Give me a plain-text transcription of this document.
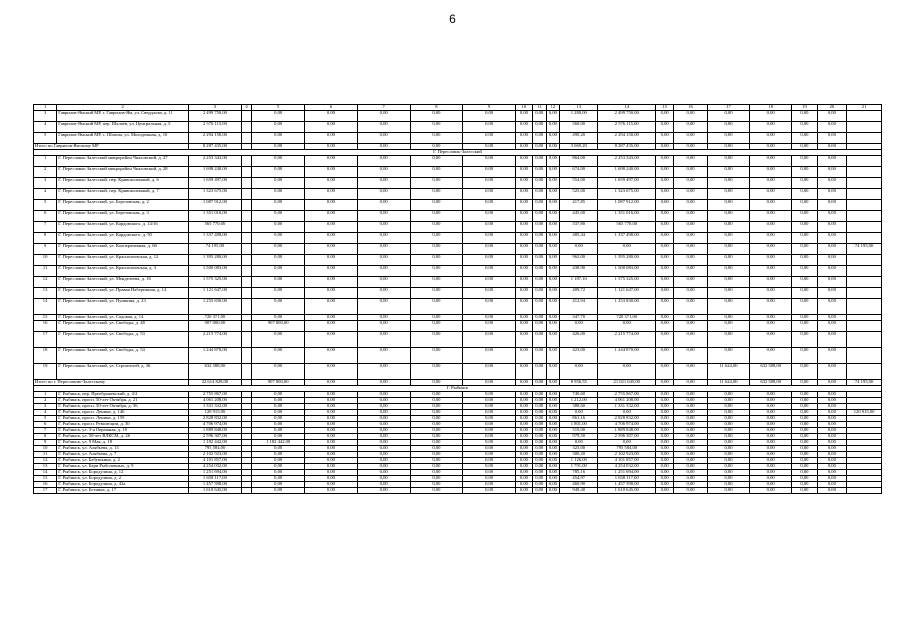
6
1	2	3	4	5	6	7	8	9	10	11	12	13	14	15	16	17	18	19	20	21
3	Гаврилов-Ямский МР, г. Гаврилов-Ям, ул. Свердлова, д. 11	2 499 750,00		0,00	0,00	0,00	0,00	0,00	0,00	0,00	0,00	1 280,00	2 499 750,00	0,00	0,00	0,00	0,00	0,00	0,00	
4	Гаврилов-Ямский МР, пер. Шалаев, ул. Центральная, д. 5	2 576 115,00		0,00	0,00	0,00	0,00	0,00	0,00	0,00	0,00	560,00	2 576 115,00	0,00	0,00	0,00	0,00	0,00	0,00	
5	Гаврилов-Ямский МР, с. Шопша, ул. Молодежная, д. 10	2 294 150,00		0,00	0,00	0,00	0,00	0,00	0,00	0,00	0,00	490,20	2 294 150,00	0,00	0,00	0,00	0,00	0,00	0,00	
Итого по Гаврилов-Ямскому МР		8 287 435,00		0,00	0,00	0,00	0,00	0,00	0,00	0,00	0,00	3 069,20	8 287 435,00	0,00	0,00	0,00	0,00	0,00	0,00	
Г. Переславль-Залесский																				
1	Г. Переславль-Залесский микрорайон Чкаловский, д. 27	2 253 343,00		0,00	0,00	0,00	0,00	0,00	0,00	0,00	0,00	864,00	2 253 343,00	0,00	0,00	0,00	0,00	0,00	0,00	
2	Г. Переславль-Залесский микрорайон Чкаловский, д. 28	1 698 240,00		0,00	0,00	0,00	0,00	0,00	0,00	0,00	0,00	674,00	1 698 240,00	0,00	0,00	0,00	0,00	0,00	0,00	
3	Г. Переславль-Залесский, пер. Кривоколенный, д. 6	1 659 497,00		0,00	0,00	0,00	0,00	0,00	0,00	0,00	0,00	554,00	1 659 497,00	0,00	0,00	0,00	0,00	0,00	0,00	
4	Г. Переславль-Залесский, пер. Кривоколенный, д. 7	1 323 675,00		0,00	0,00	0,00	0,00	0,00	0,00	0,00	0,00	525,00	1 323 675,00	0,00	0,00	0,00	0,00	0,00	0,00	
5	Г. Переславль-Залесский, ул. Березовская, д. 2	1 087 912,00		0,00	0,00	0,00	0,00	0,00	0,00	0,00	0,00	417,85	1 087 912,00	0,00	0,00	0,00	0,00	0,00	0,00	
6	Г. Переславль-Залесский, ул. Березовская, д. 3	1 351 016,00		0,00	0,00	0,00	0,00	0,00	0,00	0,00	0,00	445,00	1 351 016,00	0,00	0,00	0,00	0,00	0,00	0,00	
7	Г. Переславль-Залесский, ул. Кардовского, д. 14/16	565 770,00		0,00	0,00	0,00	0,00	0,00	0,00	0,00	0,00	337,80	565 770,00	0,00	0,00	0,00	0,00	0,00	0,00	
8	Г. Переславль-Залесский, ул. Кардовского, д. 50	1 337 498,00		0,00	0,00	0,00	0,00	0,00	0,00	0,00	0,00	485,44	1 337 498,00	0,00	0,00	0,00	0,00	0,00	0,00	
9	Г. Переславль-Залесский, ул. Кооперативная, д. 66	74 195,00		0,00	0,00	0,00	0,00	0,00	0,00	0,00	0,00	0,00	0,00	0,00	0,00	0,00	0,00	0,00	0,00	74 195,00
10	Г. Переславль-Залесский, ул. Красноэховская, д. 12	1 395 280,00		0,00	0,00	0,00	0,00	0,00	0,00	0,00	0,00	962,00	1 395 280,00	0,00	0,00	0,00	0,00	0,00	0,00	
11	Г. Переславль-Залесский, ул. Красноэховская, д. 3	1 500 083,00		0,00	0,00	0,00	0,00	0,00	0,00	0,00	0,00	438,90	1 500 083,00	0,00	0,00	0,00	0,00	0,00	0,00	
12	Г. Переславль-Залесский, ул. Менделеева, д. 16	1 575 325,00		0,00	0,00	0,00	0,00	0,00	0,00	0,00	0,00	1 187,10	1 575 325,00	0,00	0,00	0,00	0,00	0,00	0,00	
13	Г. Переславль-Залесский, ул. Правая Набережная, д. 14	1 121 647,00		0,00	0,00	0,00	0,00	0,00	0,00	0,00	0,00	409,72	1 121 647,00	0,00	0,00	0,00	0,00	0,00	0,00	
14	Г. Переславль-Залесский, ул. Пушкина, д. 23	1 253 830,00		0,00	0,00	0,00	0,00	0,00	0,00	0,00	0,00	412,94	1 253 830,00	0,00	0,00	0,00	0,00	0,00	0,00	
15	Г. Переславль-Залесский, ул. Садовая, д. 14	720 371,00		0,00	0,00	0,00	0,00	0,00	0,00	0,00	0,00	347,70	720 371,00	0,00	0,00	0,00	0,00	0,00	0,00	
16	Г. Переславль-Залесский, ул. Свободы, д. 48	907 000,00		907 000,00	0,00	0,00	0,00	0,00	0,00	0,00	0,00	0,00	0,00	0,00	0,00	0,00	0,00	0,00	0,00	
17	Г. Переславль-Залесский, ул. Свободы, д. 53	2 215 774,00		0,00	0,00	0,00	0,00	0,00	0,00	0,00	0,00	426,00	2 215 774,00	0,00	0,00	0,00	0,00	0,00	0,00	
18	Г. Переславль-Залесский, ул. Свободы, д. 54	1 244 870,00		0,00	0,00	0,00	0,00	0,00	0,00	0,00	0,00	423,00	1 244 870,00	0,00	0,00	0,00	0,00	0,00	0,00	
19	Г. Переславль-Залесский, ул. Строителей, д. 36	632 588,00		0,00	0,00	0,00	0,00	0,00	0,00	0,00	0,00	0,00	0,00	0,00	0,00	11 624,00	632 588,00	0,00	0,00	
Итого по г. Переславлю-Залесскому		22 614 828,00		907 000,00	0,00	0,00	0,00	0,00	0,00	0,00	0,00	8 956,55	21 021 045,00	0,00	0,00	11 624,00	632 588,00	0,00	0,00	74 195,00
Г. Рыбинск																				
1	Г. Рыбинск, пер. Преображенский, д. 4/2	2 755 867,00		0,00	0,00	0,00	0,00	0,00	0,00	0,00	0,00	740,60	2 755 867,00	0,00	0,00	0,00	0,00	0,00	0,00	
2	Г. Рыбинск, просп. 50-лет Октября, д. 21	4 061 208,00		0,00	0,00	0,00	0,00	0,00	0,00	0,00	0,00	1 212,00	4 061 208,00	0,00	0,00	0,00	0,00	0,00	0,00	
3	Г. Рыбинск, просп. 50-лет Октября, д. 36	1 331 332,00		0,00	0,00	0,00	0,00	0,00	0,00	0,00	0,00	388,60	1 331 332,00	0,00	0,00	0,00	0,00	0,00	0,00	
4	Г. Рыбинск, просп. Ленина, д. 146	120 915,00		0,00	0,00	0,00	0,00	0,00	0,00	0,00	0,00	0,00	0,00	0,00	0,00	0,00	0,00	0,00	0,00	120 915,00
5	Г. Рыбинск, просп. Ленина, д. 159	2 828 832,00		0,00	0,00	0,00	0,00	0,00	0,00	0,00	0,00	861,16	2 828 832,00	0,00	0,00	0,00	0,00	0,00	0,00	
6	Г. Рыбинск, просп. Революции, д. 30	4 706 974,00		0,00	0,00	0,00	0,00	0,00	0,00	0,00	0,00	1 801,00	4 706 974,00	0,00	0,00	0,00	0,00	0,00	0,00	
7	Г. Рыбинск, ул. 3-я Овражная, д. 10	1 889 848,00		0,00	0,00	0,00	0,00	0,00	0,00	0,00	0,00	510,00	1 889 848,00	0,00	0,00	0,00	0,00	0,00	0,00	
8	Г. Рыбинск, ул. 50-лет ВЛКСМ, д. 26	2 596 307,00		0,00	0,00	0,00	0,00	0,00	0,00	0,00	0,00	979,50	2 596 307,00	0,00	0,00	0,00	0,00	0,00	0,00	
9	Г. Рыбинск, ул. 9 Мая, д. 18	1 182 442,00		1 182 442,00	0,00	0,00	0,00	0,00	0,00	0,00	0,00	0,00	0,00	0,00	0,00	0,00	0,00	0,00	0,00	
10	Г. Рыбинск, ул. Алябьева, д. 13	795 584,00		0,00	0,00	0,00	0,00	0,00	0,00	0,00	0,00	323,00	795 584,00	0,00	0,00	0,00	0,00	0,00	0,00	
11	Г. Рыбинск, ул. Алябьева, д. 7	2 102 923,00		0,00	0,00	0,00	0,00	0,00	0,00	0,00	0,00	300,20	2 102 923,00	0,00	0,00	0,00	0,00	0,00	0,00	
12	Г. Рыбинск, ул. Бабушкина, д. 2	4 101 857,00		0,00	0,00	0,00	0,00	0,00	0,00	0,00	0,00	1 126,00	4 101 857,00	0,00	0,00	0,00	0,00	0,00	0,00	
13	Г. Рыбинск, ул. Бари Рыболовных, д. 9	4 254 032,00		0,00	0,00	0,00	0,00	0,00	0,00	0,00	0,00	1 791,00	4 254 032,00	0,00	0,00	0,00	0,00	0,00	0,00	
14	Г. Рыбинск, ул. Бородулина, д. 12	1 251 694,00		0,00	0,00	0,00	0,00	0,00	0,00	0,00	0,00	785,16	1 251 694,00	0,00	0,00	0,00	0,00	0,00	0,00	
15	Г. Рыбинск, ул. Бородулина, д. 2	1 658 117,00		0,00	0,00	0,00	0,00	0,00	0,00	0,00	0,00	454,97	1 658 117,00	0,00	0,00	0,00	0,00	0,00	0,00	
16	Г. Рыбинск, ул. Бородулина, д. 42а	1 457 398,00		0,00	0,00	0,00	0,00	0,00	0,00	0,00	0,00	460,90	1 457 398,00	0,00	0,00	0,00	0,00	0,00	0,00	
17	Г. Рыбинск, ул. Бетника, д. 17	1 610 645,00		0,00	0,00	0,00	0,00	0,00	0,00	0,00	0,00	949,40	1 610 645,00	0,00	0,00	0,00	0,00	0,00	0,00	
